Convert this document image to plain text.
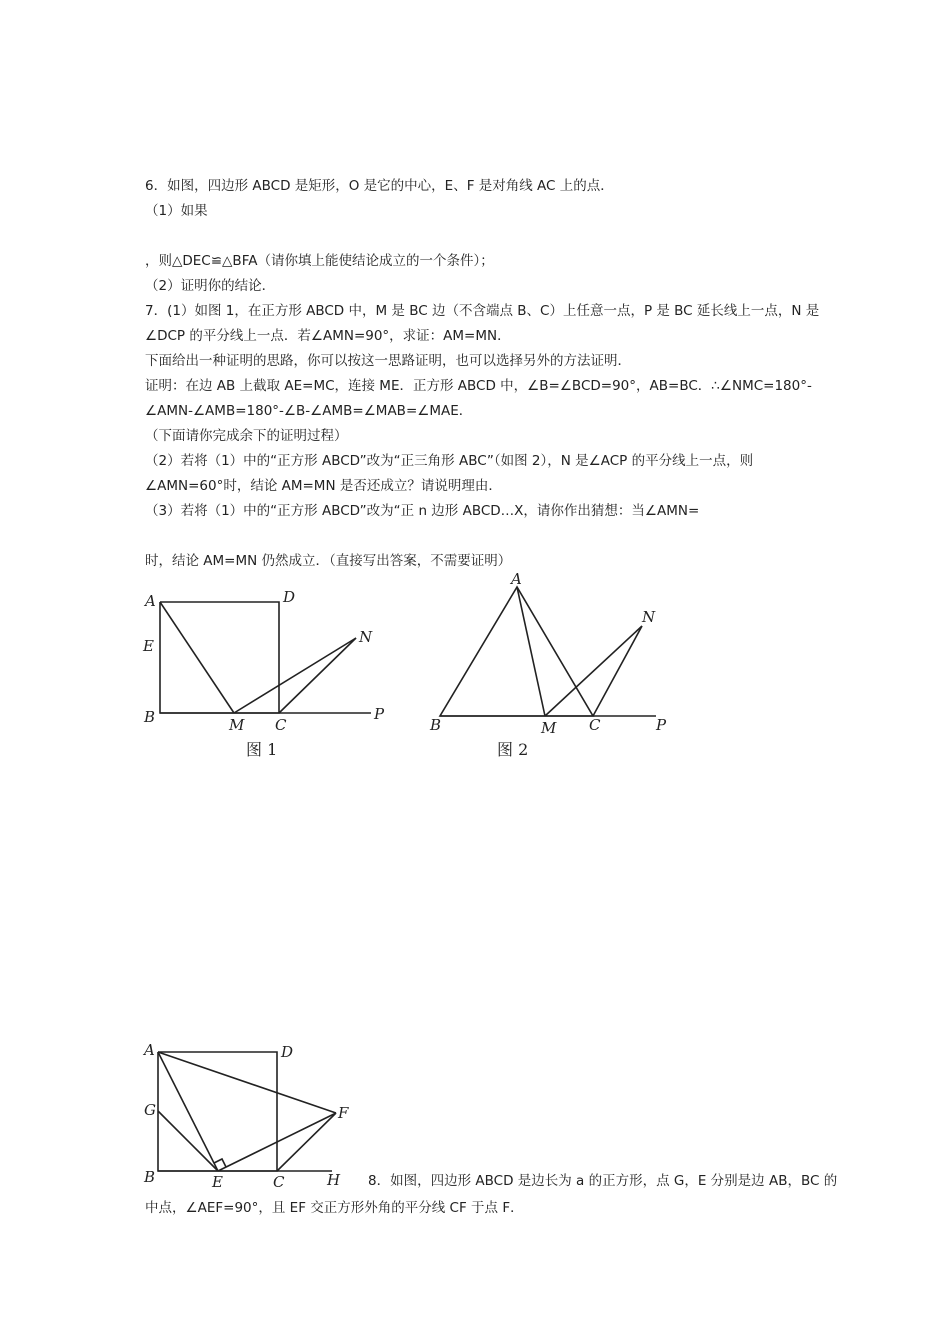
6．如图，四边形 ABCD 是矩形，O 是它的中心，E、F 是对角线 AC 上的点．
（1）如果
，则△DEC≌△BFA（请你填上能使结论成立的一个条件）；
（2）证明你的结论．
7．(1）如图 1，在正方形 ABCD 中，M 是 BC 边（不含端点 B、C）上任意一点，P 是 BC 延长线上一点，N 是
∠DCP 的平分线上一点．若∠AMN=90°，求证：AM=MN．
下面给出一种证明的思路，你可以按这一思路证明，也可以选择另外的方法证明．
证明：在边 AB 上截取 AE=MC，连接 ME．正方形 ABCD 中，∠B=∠BCD=90°，AB=BC．∴∠NMC=180°-
∠AMN-∠AMB=180°-∠B-∠AMB=∠MAB=∠MAE．
（下面请你完成余下的证明过程）
（2）若将（1）中的“正方形 ABCD”改为“正三角形 ABC”（如图 2），N 是∠ACP 的平分线上一点，则
∠AMN=60°时，结论 AM=MN 是否还成立？请说明理由．
（3）若将（1）中的“正方形 ABCD”改为“正 n 边形 ABCD…X，请你作出猜想：当∠AMN=
时，结论 AM=MN 仍然成立．（直接写出答案，不需要证明）
A	D
E
B	M C
P
N
图 1
A
B	M C	P
N
图 2
A	D
G	F
B	E	C	H 8．如图，四边形 ABCD 是边长为 a 的正方形，点 G，E 分别是边 AB，BC 的
中点，∠AEF=90°，且 EF 交正方形外角的平分线 CF 于点 F．
